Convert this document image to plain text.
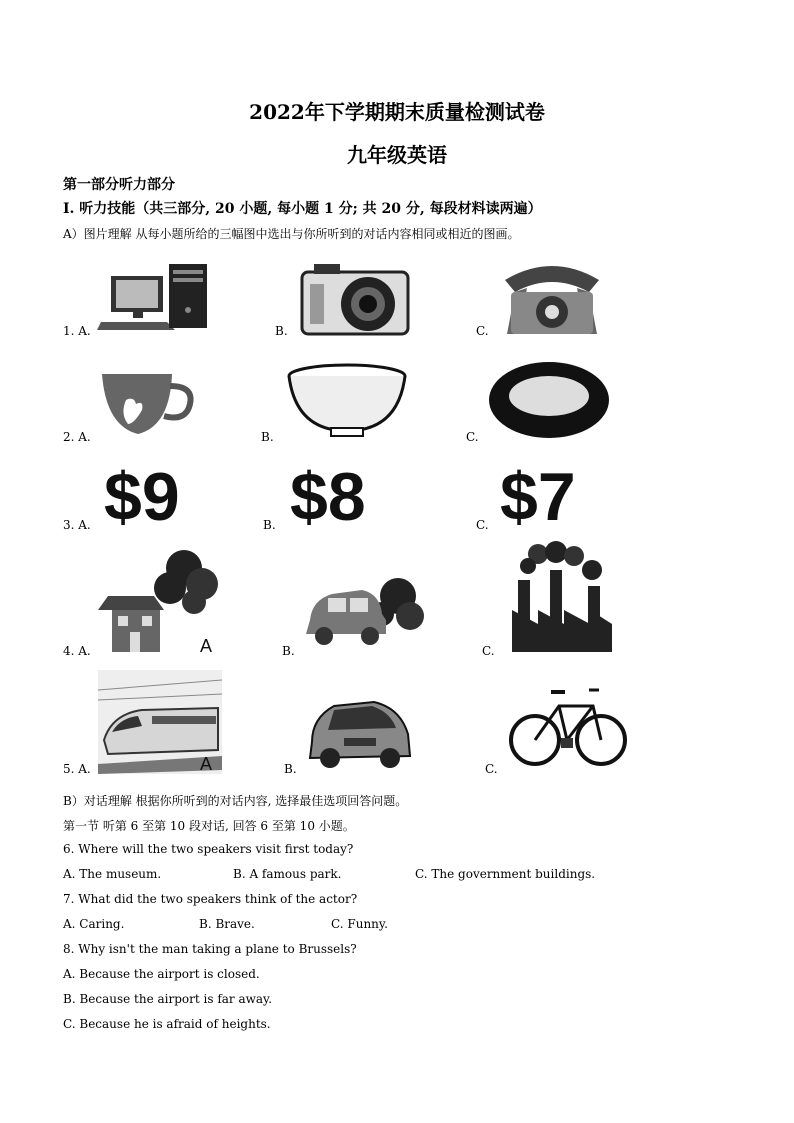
2022年下学期期末质量检测试卷
九年级英语
第一部分听力部分
I. 听力技能（共三部分, 20 小题, 每小题 1 分; 共 20 分, 每段材料读两遍）
A）图片理解 从每小题所给的三幅图中选出与你所听到的对话内容相同或相近的图画。
1. A.	B.	C.
2. A.	B.	C.
3. A.	B.	C.
$9 $8 $7
4. A.	B.	C.
A
5. A.	B.	C.
A
B）对话理解 根据你所听到的对话内容, 选择最佳选项回答问题。
第一节 听第 6 至第 10 段对话, 回答 6 至第 10 小题。
6. Where will the two speakers visit first today?
A. The museum.	B. A famous park.	C. The government buildings.
7. What did the two speakers think of the actor?
A. Caring.	B. Brave.	C. Funny.
8. Why isn't the man taking a plane to Brussels?
A. Because the airport is closed.
B. Because the airport is far away.
C. Because he is afraid of heights.
